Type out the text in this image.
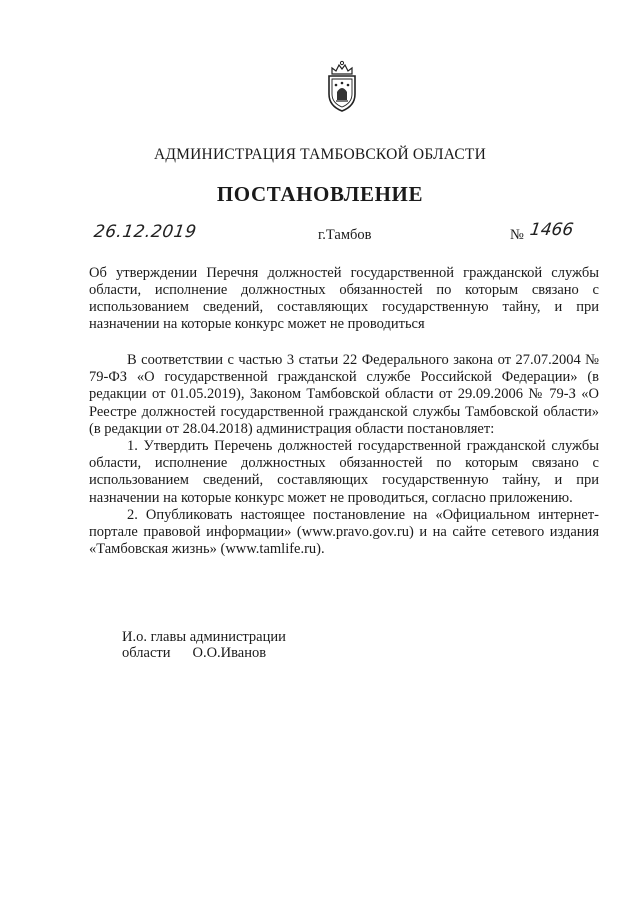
АДМИНИСТРАЦИЯ ТАМБОВСКОЙ ОБЛАСТИ
ПОСТАНОВЛЕНИЕ
26.12.2019	г.Тамбов	№ 1466
Об утверждении Перечня должностей государственной гражданской службы области, исполнение должностных обязанностей по которым связано с использованием сведений, составляющих государственную тайну, и при назначении на которые конкурс может не проводиться

В соответствии с частью 3 статьи 22 Федерального закона от 27.07.2004 № 79-ФЗ «О государственной гражданской службе Российской Федерации» (в редакции от 01.05.2019), Законом Тамбовской области от 29.09.2006 № 79-З «О Реестре должностей государственной гражданской службы Тамбовской области» (в редакции от 28.04.2018) администрация области постановляет:

1. Утвердить Перечень должностей государственной гражданской службы области, исполнение должностных обязанностей по которым связано с использованием сведений, составляющих государственную тайну, и при назначении на которые конкурс может не проводиться, согласно приложению.

2. Опубликовать настоящее постановление на «Официальном интернет-портале правовой информации» (www.pravo.gov.ru) и на сайте сетевого издания «Тамбовская жизнь» (www.tamlife.ru).

И.о. главы администрации
области О.О.Иванов
